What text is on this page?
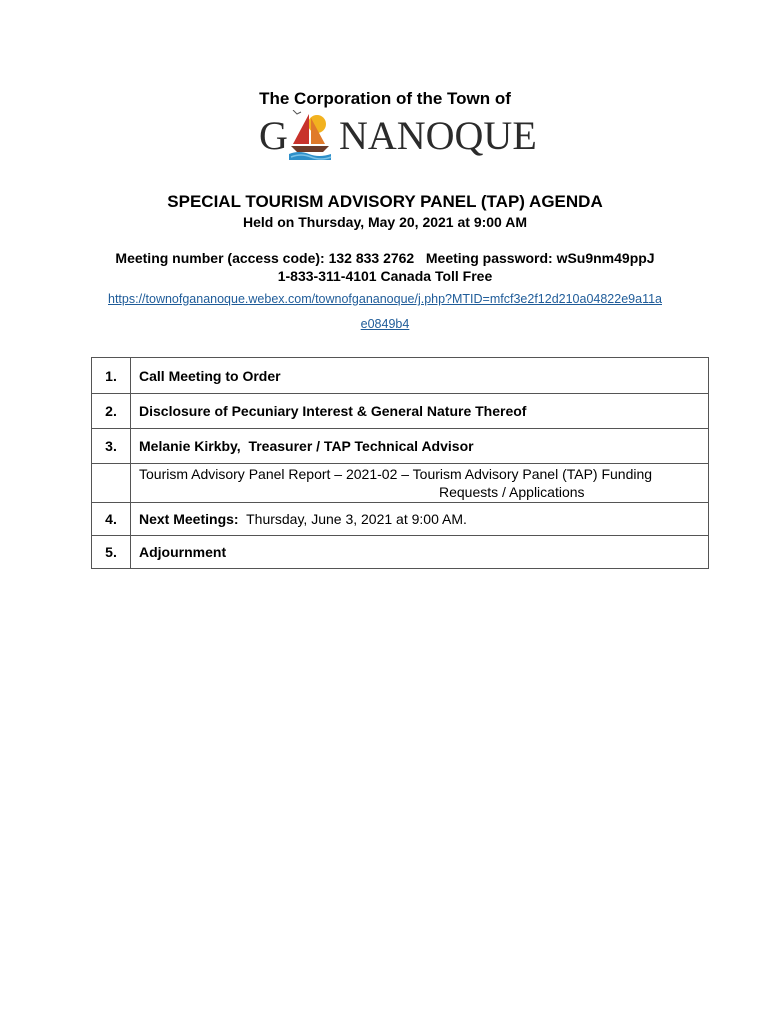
The Corporation of the Town of
G NANOQUE
SPECIAL TOURISM ADVISORY PANEL (TAP) AGENDA
Held on Thursday, May 20, 2021 at 9:00 AM
Meeting number (access code): 132 833 2762   Meeting password: wSu9nm49ppJ
1-833-311-4101 Canada Toll Free
https://townofgananoque.webex.com/townofgananoque/j.php?MTID=mfcf3e2f12d210a04822e9a11a
e0849b4
1.	Call Meeting to Order
2.	Disclosure of Pecuniary Interest & General Nature Thereof
3.	Melanie Kirkby,  Treasurer / TAP Technical Advisor
	Tourism Advisory Panel Report – 2021-02 – Tourism Advisory Panel (TAP) Funding
Requests / Applications

4.	Next Meetings:  Thursday, June 3, 2021 at 9:00 AM.
5.	Adjournment
